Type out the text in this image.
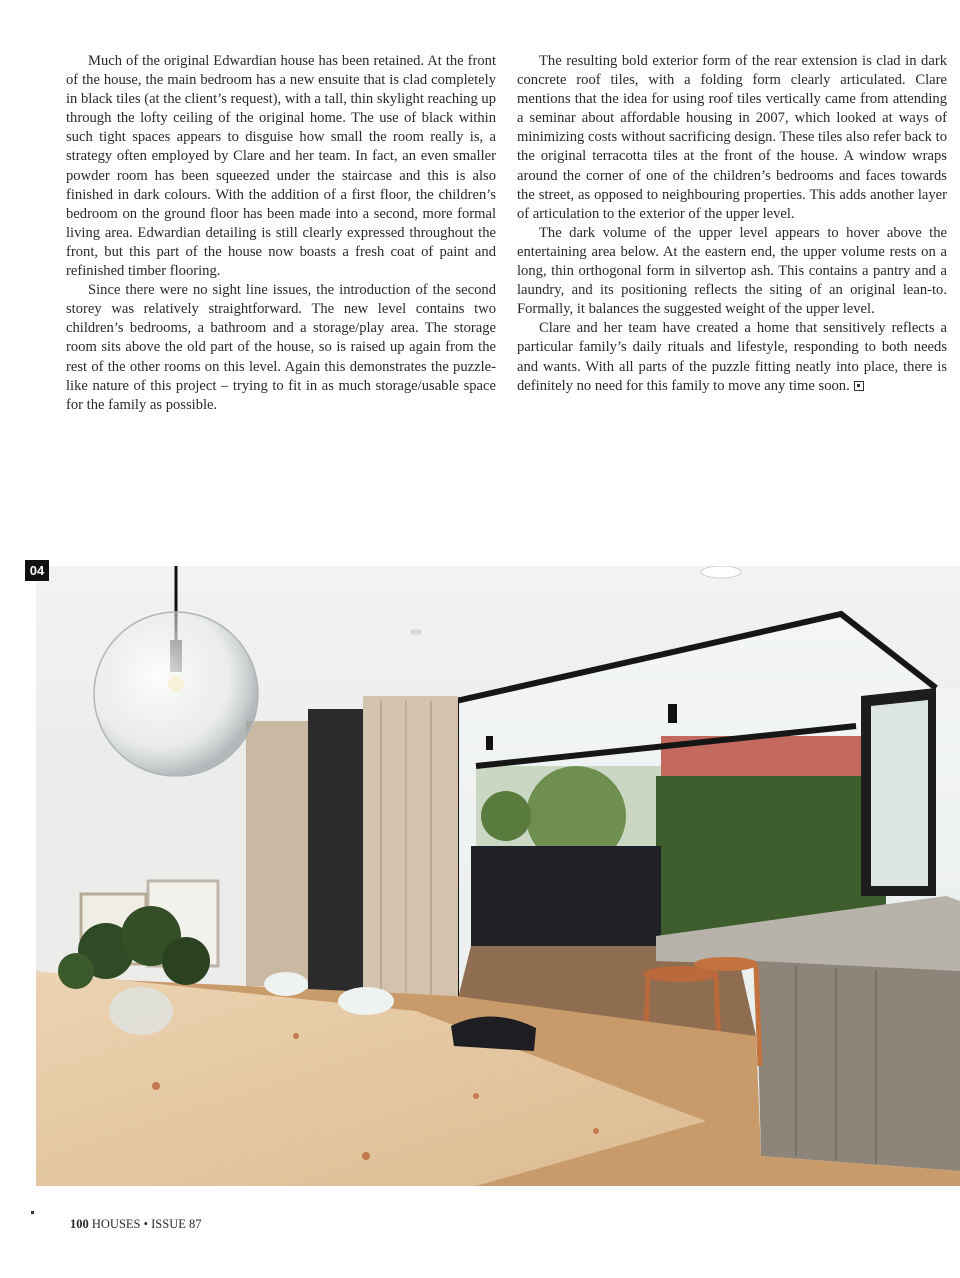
Much of the original Edwardian house has been retained. At the front of the house, the main bedroom has a new ensuite that is clad completely in black tiles (at the client’s request), with a tall, thin skylight reaching up through the lofty ceiling of the original home. The use of black within such tight spaces appears to disguise how small the room really is, a strategy often employed by Clare and her team. In fact, an even smaller powder room has been squeezed under the staircase and this is also finished in dark colours. With the addition of a first floor, the children’s bedroom on the ground floor has been made into a second, more formal living area. Edwardian detailing is still clearly expressed throughout the front, but this part of the house now boasts a fresh coat of paint and refinished timber flooring.

Since there were no sight line issues, the introduction of the second storey was relatively straightforward. The new level contains two children’s bedrooms, a bathroom and a storage/play area. The storage room sits above the old part of the house, so is raised up again from the rest of the other rooms on this level. Again this demonstrates the puzzle-like nature of this project – trying to fit in as much storage/usable space for the family as possible.

The resulting bold exterior form of the rear extension is clad in dark concrete roof tiles, with a folding form clearly articulated. Clare mentions that the idea for using roof tiles vertically came from attending a seminar about affordable housing in 2007, which looked at ways of minimizing costs without sacrificing design. These tiles also refer back to the original terracotta tiles at the front of the house. A window wraps around the corner of one of the children’s bedrooms and faces towards the street, as opposed to neighbouring properties. This adds another layer of articulation to the exterior of the upper level.

The dark volume of the upper level appears to hover above the entertaining area below. At the eastern end, the upper volume rests on a long, thin orthogonal form in silvertop ash. This contains a pantry and a laundry, and its positioning reflects the siting of an original lean-to. Formally, it balances the suggested weight of the upper level.

Clare and her team have created a home that sensitively reflects a particular family’s daily rituals and lifestyle, responding to both needs and wants. With all parts of the puzzle fitting neatly into place, there is definitely no need for this family to move any time soon.

04
100 HOUSES • ISSUE 87
